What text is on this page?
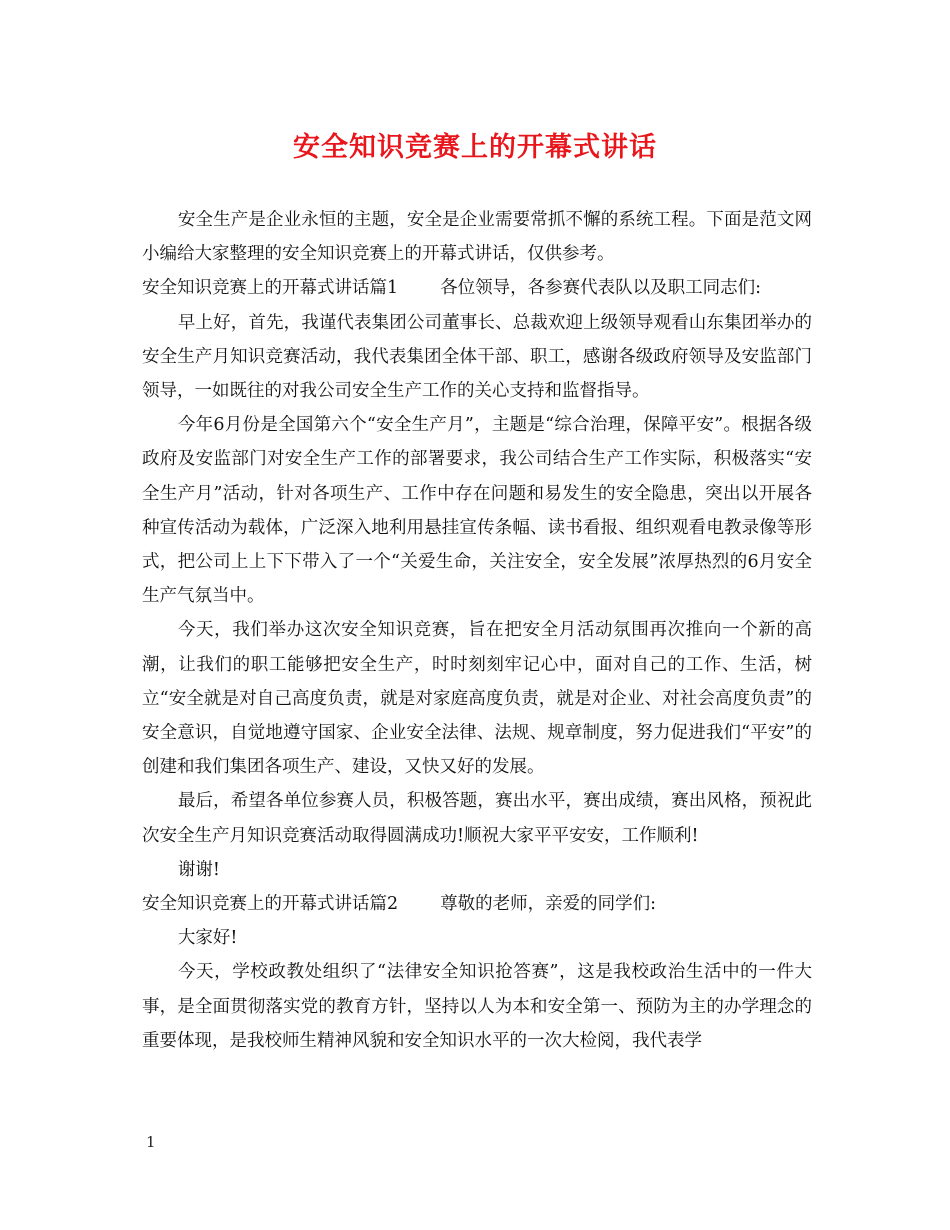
安全知识竞赛上的开幕式讲话

安全生产是企业永恒的主题，安全是企业需要常抓不懈的系统工程。下面是范文网小编给大家整理的安全知识竞赛上的开幕式讲话，仅供参考。

安全知识竞赛上的开幕式讲话篇1 各位领导，各参赛代表队以及职工同志们:

早上好，首先，我谨代表集团公司董事长、总裁欢迎上级领导观看山东集团举办的安全生产月知识竞赛活动，我代表集团全体干部、职工，感谢各级政府领导及安监部门领导，一如既往的对我公司安全生产工作的关心支持和监督指导。

今年6月份是全国第六个“安全生产月”，主题是“综合治理，保障平安”。根据各级政府及安监部门对安全生产工作的部署要求，我公司结合生产工作实际，积极落实“安全生产月”活动，针对各项生产、工作中存在问题和易发生的安全隐患，突出以开展各种宣传活动为载体，广泛深入地利用悬挂宣传条幅、读书看报、组织观看电教录像等形式，把公司上上下下带入了一个“关爱生命，关注安全，安全发展”浓厚热烈的6月安全生产气氛当中。

今天，我们举办这次安全知识竞赛，旨在把安全月活动氛围再次推向一个新的高潮，让我们的职工能够把安全生产，时时刻刻牢记心中，面对自己的工作、生活，树立“安全就是对自己高度负责，就是对家庭高度负责，就是对企业、对社会高度负责”的安全意识，自觉地遵守国家、企业安全法律、法规、规章制度，努力促进我们“平安”的创建和我们集团各项生产、建设，又快又好的发展。

最后，希望各单位参赛人员，积极答题，赛出水平，赛出成绩，赛出风格，预祝此次安全生产月知识竞赛活动取得圆满成功!顺祝大家平平安安，工作顺利!

谢谢!

安全知识竞赛上的开幕式讲话篇2 尊敬的老师，亲爱的同学们:

大家好!

今天，学校政教处组织了“法律安全知识抢答赛”，这是我校政治生活中的一件大事，是全面贯彻落实党的教育方针，坚持以人为本和安全第一、预防为主的办学理念的重要体现，是我校师生精神风貌和安全知识水平的一次大检阅，我代表学

1
